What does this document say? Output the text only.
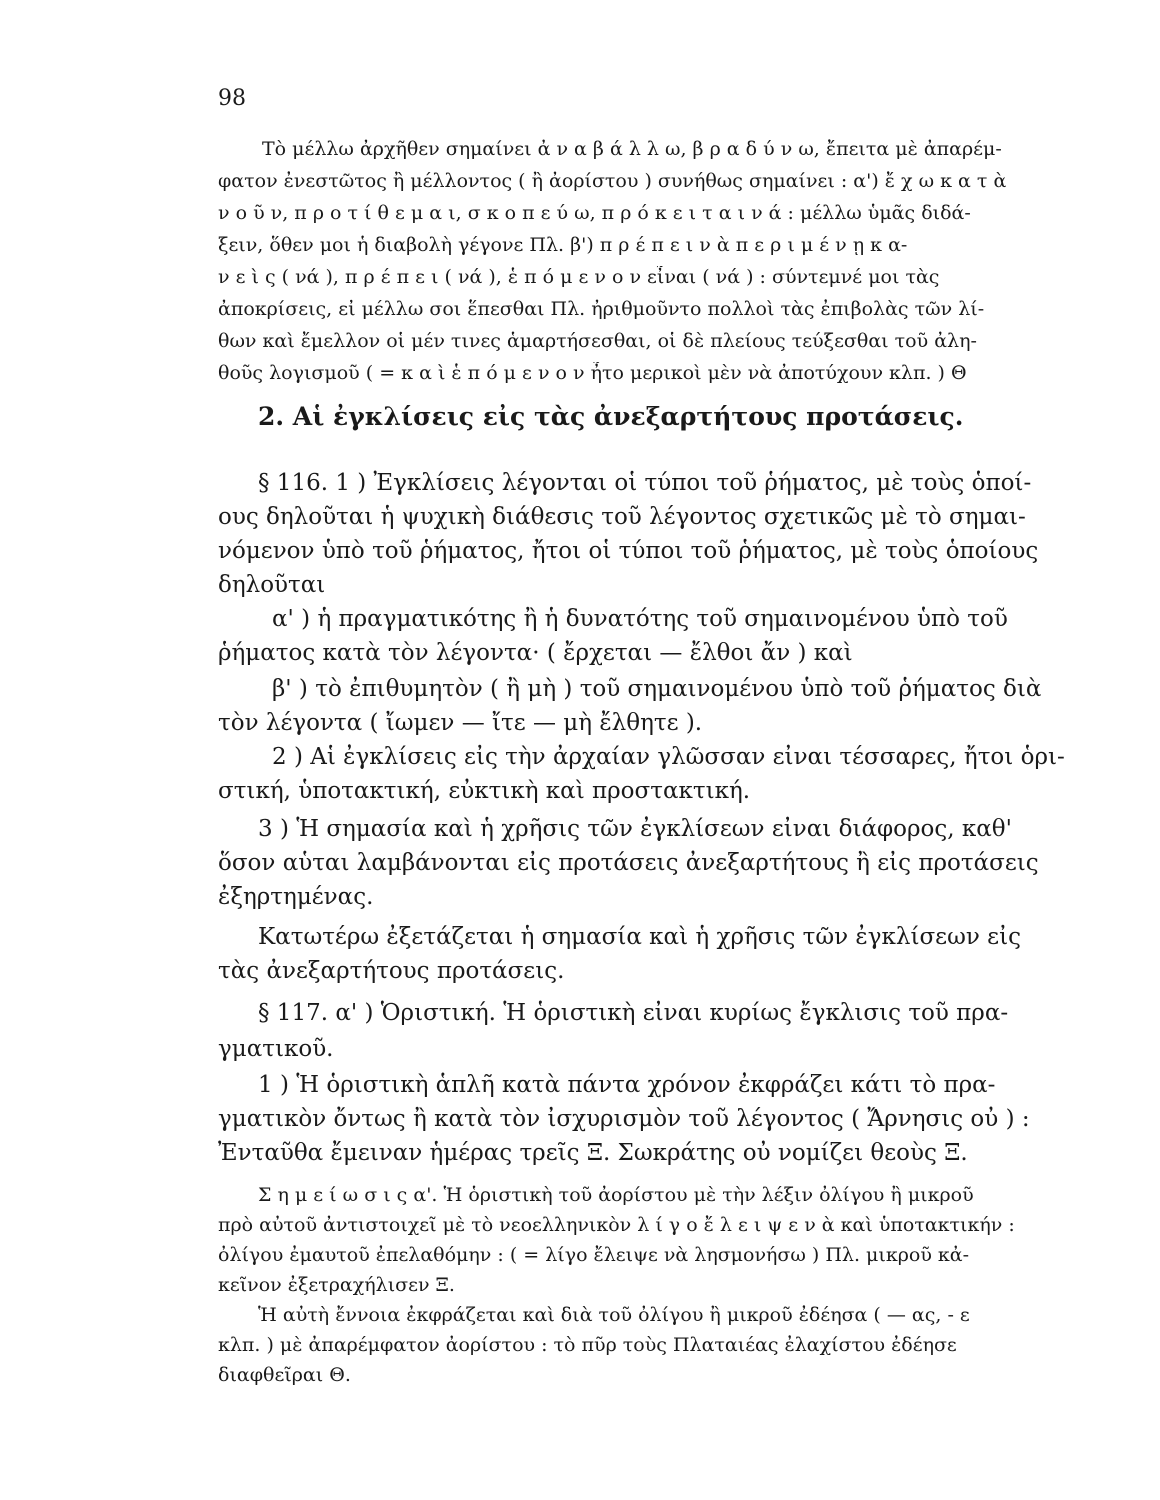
98
Τὸ μέλλω ἀρχῆθεν σημαίνει ἀ ν α β ά λ λ ω, β ρ α δ ύ ν ω, ἔπειτα μὲ ἀπαρέμ-
φατον ἐνεστῶτος ἢ μέλλοντος ( ἢ ἀορίστου ) συνήθως σημαίνει : α') ἔ χ ω κ α τ ὰ
ν ο ῦ ν, π ρ ο τ ί θ ε μ α ι, σ κ ο π ε ύ ω, π ρ ό κ ε ι τ α ι ν ά : μέλλω ὑμᾶς διδά-
ξειν, ὅθεν μοι ἡ διαβολὴ γέγονε Πλ. β') π ρ έ π ε ι ν ὰ π ε ρ ι μ έ ν ῃ κ α-
ν ε ὶ ς ( νά ), π ρ έ π ε ι ( νά ), ἑ π ό μ ε ν ο ν εἶναι ( νά ) : σύντεμνέ μοι τὰς
ἀποκρίσεις, εἰ μέλλω σοι ἕπεσθαι Πλ. ἠριθμοῦντο πολλοὶ τὰς ἐπιβολὰς τῶν λί-
θων καὶ ἔμελλον οἱ μέν τινες ἁμαρτήσεσθαι, οἱ δὲ πλείους τεύξεσθαι τοῦ ἀλη-
θοῦς λογισμοῦ ( = κ α ὶ ἑ π ό μ ε ν ο ν ἦτο μερικοὶ μὲν νὰ ἀποτύχουν κλπ. ) Θ
2. Αἱ ἐγκλίσεις εἰς τὰς ἀνεξαρτήτους προτάσεις.
§ 116. 1 ) Ἐγκλίσεις λέγονται οἱ τύποι τοῦ ῥήματος, μὲ τοὺς ὁποί-
ους δηλοῦται ἡ ψυχικὴ διάθεσις τοῦ λέγοντος σχετικῶς μὲ τὸ σημαι-
νόμενον ὑπὸ τοῦ ῥήματος, ἤτοι οἱ τύποι τοῦ ῥήματος, μὲ τοὺς ὁποίους
δηλοῦται
α' ) ἡ πραγματικότης ἢ ἡ δυνατότης τοῦ σημαινομένου ὑπὸ τοῦ
ῥήματος κατὰ τὸν λέγοντα· ( ἔρχεται — ἔλθοι ἄν ) καὶ
β' ) τὸ ἐπιθυμητὸν ( ἢ μὴ ) τοῦ σημαινομένου ὑπὸ τοῦ ῥήματος διὰ
τὸν λέγοντα ( ἴωμεν — ἴτε — μὴ ἔλθητε ).
2 ) Αἱ ἐγκλίσεις εἰς τὴν ἀρχαίαν γλῶσσαν εἶναι τέσσαρες, ἤτοι ὁρι-
στική, ὑποτακτική, εὐκτικὴ καὶ προστακτική.
3 ) Ἡ σημασία καὶ ἡ χρῆσις τῶν ἐγκλίσεων εἶναι διάφορος, καθ'
ὅσον αὗται λαμβάνονται εἰς προτάσεις ἀνεξαρτήτους ἢ εἰς προτάσεις
ἐξηρτημένας.
Κατωτέρω ἐξετάζεται ἡ σημασία καὶ ἡ χρῆσις τῶν ἐγκλίσεων εἰς
τὰς ἀνεξαρτήτους προτάσεις.
§ 117. α' ) Ὁριστική. Ἡ ὁριστικὴ εἶναι κυρίως ἔγκλισις τοῦ πρα-
γματικοῦ.
1 ) Ἡ ὁριστικὴ ἁπλῆ κατὰ πάντα χρόνον ἐκφράζει κάτι τὸ πρα-
γματικὸν ὄντως ἢ κατὰ τὸν ἰσχυρισμὸν τοῦ λέγοντος ( Ἄρνησις οὐ ) :
Ἐνταῦθα ἔμειναν ἡμέρας τρεῖς Ξ. Σωκράτης οὐ νομίζει θεοὺς Ξ.
Σ η μ ε ί ω σ ι ς α'. Ἡ ὁριστικὴ τοῦ ἀορίστου μὲ τὴν λέξιν ὀλίγου ἢ μικροῦ
πρὸ αὐτοῦ ἀντιστοιχεῖ μὲ τὸ νεοελληνικὸν λ ί γ ο ἔ λ ε ι ψ ε ν ὰ καὶ ὑποτακτικήν :
ὀλίγου ἐμαυτοῦ ἐπελαθόμην : ( = λίγο ἔλειψε νὰ λησμονήσω ) Πλ. μικροῦ κἀ-
κεῖνον ἐξετραχήλισεν Ξ.
Ἡ αὐτὴ ἔννοια ἐκφράζεται καὶ διὰ τοῦ ὀλίγου ἢ μικροῦ ἐδέησα ( — ας, - ε
κλπ. ) μὲ ἀπαρέμφατον ἀορίστου : τὸ πῦρ τοὺς Πλαταιέας ἐλαχίστου ἐδέησε
διαφθεῖραι Θ.
